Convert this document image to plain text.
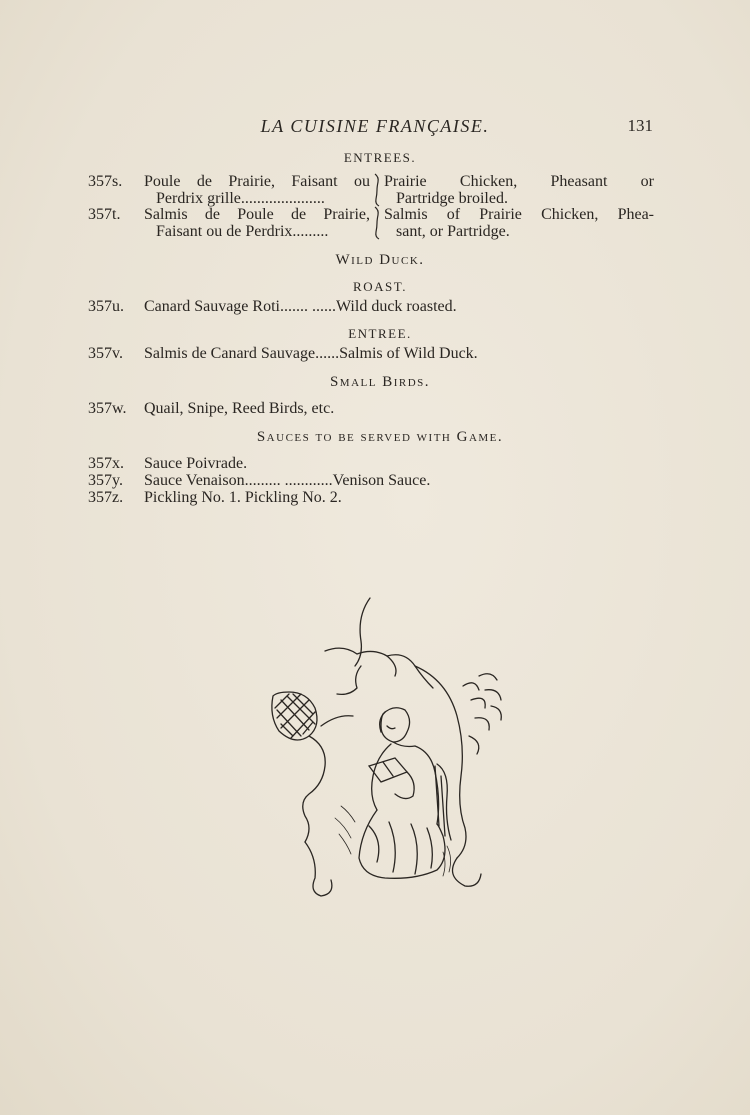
LA CUISINE FRANÇAISE.	131
ENTREES.
357s.	Poule de Prairie, Faisant ou
Perdrix grille.....................
Prairie Chicken, Pheasant or
Partridge broiled.
357t.	Salmis de Poule de Prairie,
Faisant ou de Perdrix.........
Salmis of Prairie Chicken, Phea-
sant, or Partridge.
Wild Duck.
ROAST.
357u. Canard Sauvage Roti....... ......Wild duck roasted.
ENTREE.
357v. Salmis de Canard Sauvage......Salmis of Wild Duck.
Small Birds.
357w. Quail, Snipe, Reed Birds, etc.
Sauces to be served with Game.
357x. Sauce Poivrade.
357y. Sauce Venaison......... ............Venison Sauce.
357z. Pickling No. 1. Pickling No. 2.
